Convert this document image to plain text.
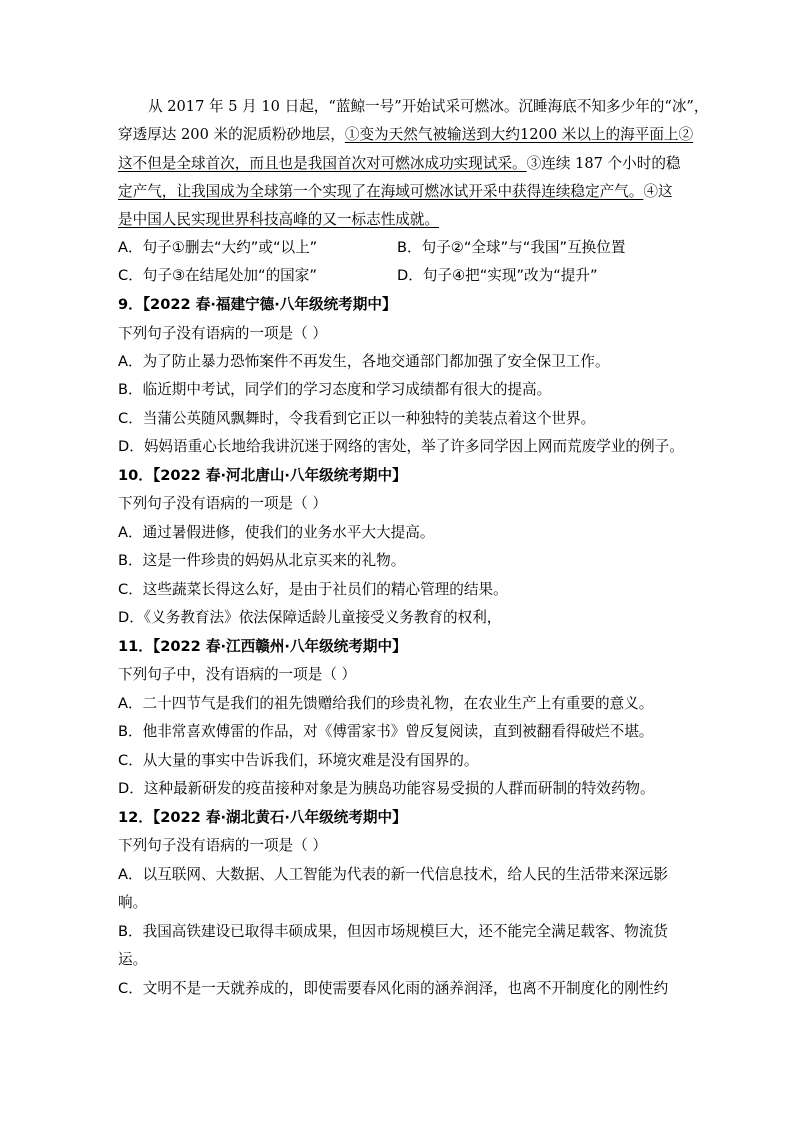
从 2017 年 5 月 10 日起，“蓝鲸一号”开始试采可燃冰。沉睡海底不知多少年的“冰”，
穿透厚达 200 米的泥质粉砂地层，①变为天然气被输送到大约1200 米以上的海平面上②
这不但是全球首次，而且也是我国首次对可燃冰成功实现试采。③连续 187 个小时的稳
定产气，让我国成为全球第一个实现了在海域可燃冰试开采中获得连续稳定产气。④这
是中国人民实现世界科技高峰的又一标志性成就。
A．句子①删去“大约”或“以上”	B．句子②“全球”与“我国”互换位置
C．句子③在结尾处加“的国家”	D．句子④把“实现”改为“提升”
9．【2022 春·福建宁德·八年级统考期中】
下列句子没有语病的一项是（ ）
A．为了防止暴力恐怖案件不再发生，各地交通部门都加强了安全保卫工作。
B．临近期中考试，同学们的学习态度和学习成绩都有很大的提高。
C．当蒲公英随风飘舞时，令我看到它正以一种独特的美装点着这个世界。
D．妈妈语重心长地给我讲沉迷于网络的害处，举了许多同学因上网而荒废学业的例子。
10．【2022 春·河北唐山·八年级统考期中】
下列句子没有语病的一项是（ ）
A．通过暑假进修，使我们的业务水平大大提高。
B．这是一件珍贵的妈妈从北京买来的礼物。
C．这些蔬菜长得这么好，是由于社员们的精心管理的结果。
D．《义务教育法》依法保障适龄儿童接受义务教育的权利，
11．【2022 春·江西赣州·八年级统考期中】
下列句子中，没有语病的一项是（ ）
A．二十四节气是我们的祖先馈赠给我们的珍贵礼物，在农业生产上有重要的意义。
B．他非常喜欢傅雷的作品，对《傅雷家书》曾反复阅读，直到被翻看得破烂不堪。
C．从大量的事实中告诉我们，环境灾难是没有国界的。
D．这种最新研发的疫苗接种对象是为胰岛功能容易受损的人群而研制的特效药物。
12．【2022 春·湖北黄石·八年级统考期中】
下列句子没有语病的一项是（ ）
A．以互联网、大数据、人工智能为代表的新一代信息技术，给人民的生活带来深远影
响。
B．我国高铁建设已取得丰硕成果，但因市场规模巨大，还不能完全满足载客、物流货
运。
C．文明不是一天就养成的，即使需要春风化雨的涵养润泽，也离不开制度化的刚性约
